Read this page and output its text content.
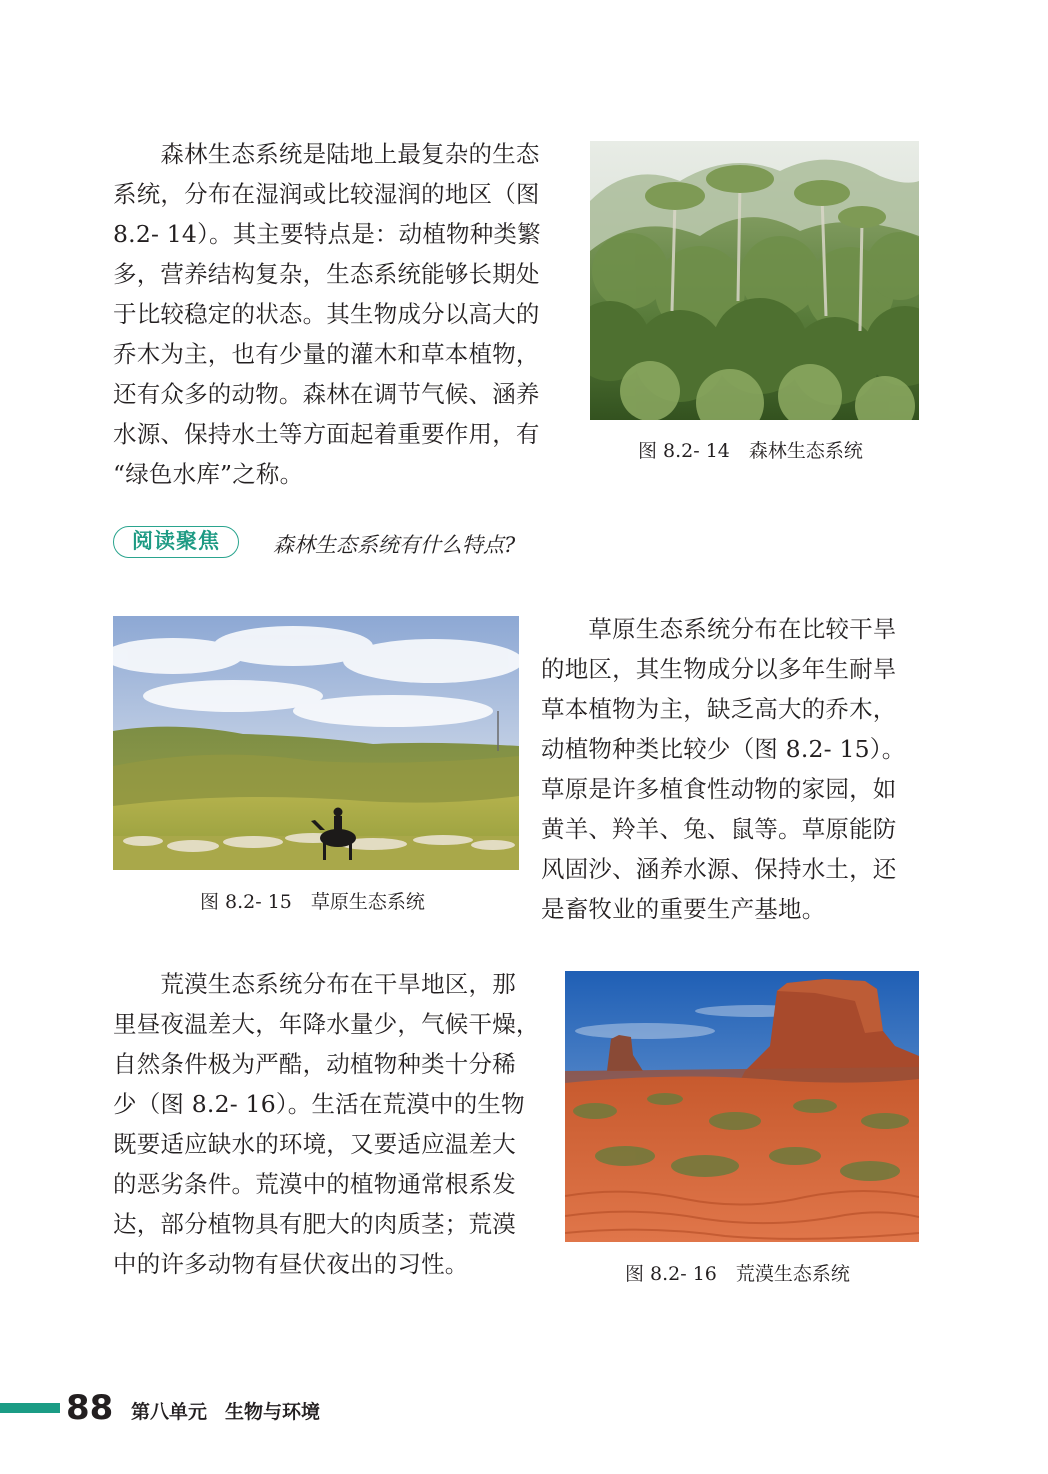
　　森林生态系统是陆地上最复杂的生态
系统，分布在湿润或比较湿润的地区（图
8.2- 14）。其主要特点是：动植物种类繁
多，营养结构复杂，生态系统能够长期处
于比较稳定的状态。其生物成分以高大的
乔木为主，也有少量的灌木和草本植物，
还有众多的动物。森林在调节气候、涵养
水源、保持水土等方面起着重要作用，有
“绿色水库”之称。
图 8.2- 14　森林生态系统
阅读聚焦	森林生态系统有什么特点?
图 8.2- 15　草原生态系统
　　草原生态系统分布在比较干旱
的地区，其生物成分以多年生耐旱
草本植物为主，缺乏高大的乔木，
动植物种类比较少（图 8.2- 15）。
草原是许多植食性动物的家园，如
黄羊、羚羊、兔、鼠等。草原能防
风固沙、涵养水源、保持水土，还
是畜牧业的重要生产基地。
　　荒漠生态系统分布在干旱地区，那
里昼夜温差大，年降水量少，气候干燥，
自然条件极为严酷，动植物种类十分稀
少（图 8.2- 16）。生活在荒漠中的生物
既要适应缺水的环境，又要适应温差大
的恶劣条件。荒漠中的植物通常根系发
达，部分植物具有肥大的肉质茎；荒漠
中的许多动物有昼伏夜出的习性。	图 8.2- 16　荒漠生态系统
88 第八单元 生物与环境
